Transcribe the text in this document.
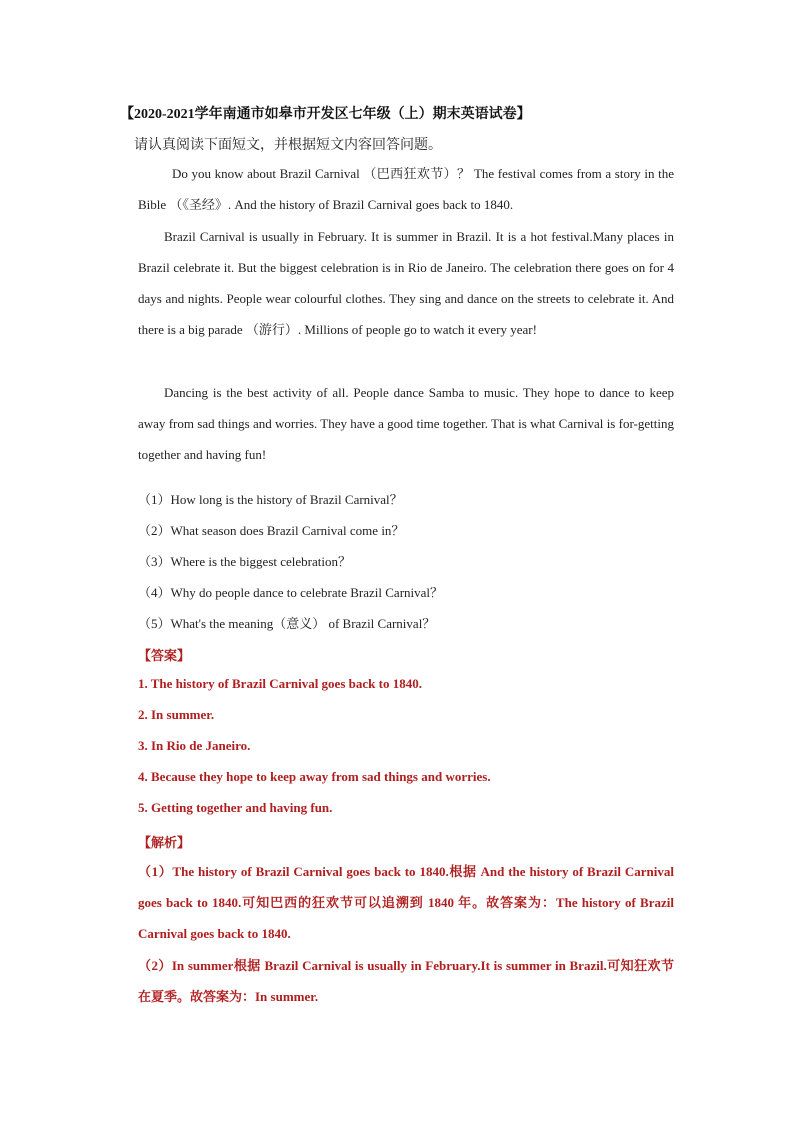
【2020-2021学年南通市如皋市开发区七年级（上）期末英语试卷】
请认真阅读下面短文，并根据短文内容回答问题。
Do you know about Brazil Carnival （巴西狂欢节）？ The festival comes from a story in the Bible （《圣经》. And the history of Brazil Carnival goes back to 1840.
Brazil Carnival is usually in February. It is summer in Brazil. It is a hot festival.Many places in Brazil celebrate it. But the biggest celebration is in Rio de Janeiro. The celebration there goes on for 4 days and nights. People wear colourful clothes. They sing and dance on the streets to celebrate it. And there is a big parade （游行）. Millions of people go to watch it every year!
Dancing is the best activity of all. People dance Samba to music. They hope to dance to keep away from sad things and worries. They have a good time together. That is what Carnival is for-getting together and having fun!
（1）How long is the history of Brazil Carnival？
（2）What season does Brazil Carnival come in？
（3）Where is the biggest celebration？
（4）Why do people dance to celebrate Brazil Carnival？
（5）What's the meaning（意义） of Brazil Carnival？
【答案】
1. The history of Brazil Carnival goes back to 1840.
2. In summer.
3. In Rio de Janeiro.
4. Because they hope to keep away from sad things and worries.
5. Getting together and having fun.
【解析】
（1）The history of Brazil Carnival goes back to 1840.根据 And the history of Brazil Carnival goes back to 1840.可知巴西的狂欢节可以追溯到 1840 年。故答案为：The history of Brazil Carnival goes back to 1840.
（2）In summer根据 Brazil Carnival is usually in February.It is summer in Brazil.可知狂欢节在夏季。故答案为：In summer.
